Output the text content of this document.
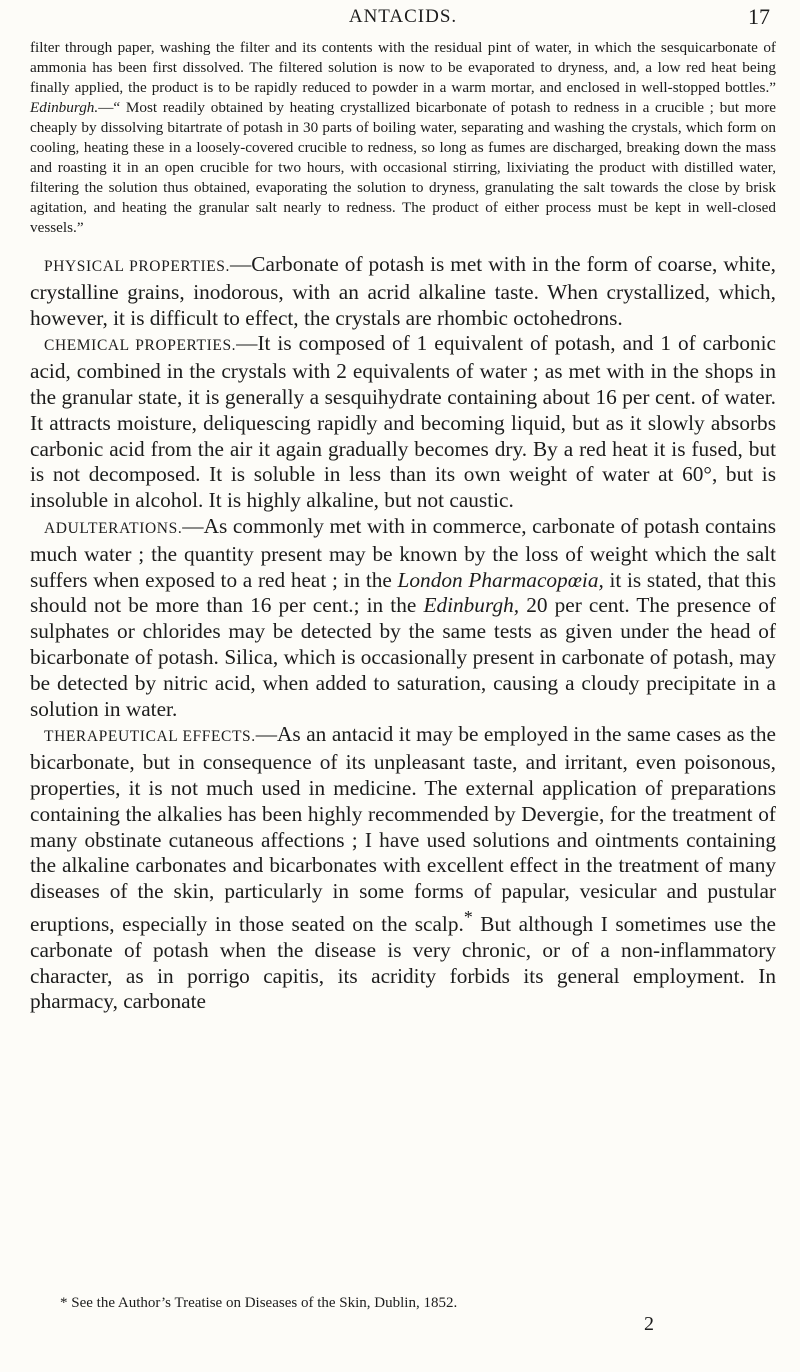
ANTACIDS.	17

filter through paper, washing the filter and its contents with the residual pint of water, in which the sesquicarbonate of ammonia has been first dissolved. The filtered solution is now to be evaporated to dryness, and, a low red heat being finally applied, the product is to be rapidly reduced to powder in a warm mortar, and enclosed in well-stopped bottles.” Edinburgh.—“ Most readily obtained by heating crystallized bicarbonate of potash to redness in a crucible ; but more cheaply by dissolving bitartrate of potash in 30 parts of boiling water, separating and washing the crystals, which form on cooling, heating these in a loosely-covered crucible to redness, so long as fumes are discharged, breaking down the mass and roasting it in an open crucible for two hours, with occasional stirring, lixiviating the product with distilled water, filtering the solution thus obtained, evaporating the solution to dryness, granulating the salt towards the close by brisk agitation, and heating the granular salt nearly to redness. The product of either process must be kept in well-closed vessels.”

PHYSICAL PROPERTIES.—Carbonate of potash is met with in the form of coarse, white, crystalline grains, inodorous, with an acrid alkaline taste. When crystallized, which, however, it is difficult to effect, the crystals are rhombic octohedrons.

CHEMICAL PROPERTIES.—It is composed of 1 equivalent of potash, and 1 of carbonic acid, combined in the crystals with 2 equivalents of water ; as met with in the shops in the granular state, it is generally a sesquihydrate containing about 16 per cent. of water. It attracts moisture, deliquescing rapidly and becoming liquid, but as it slowly absorbs carbonic acid from the air it again gradually becomes dry. By a red heat it is fused, but is not decomposed. It is soluble in less than its own weight of water at 60°, but is insoluble in alcohol. It is highly alkaline, but not caustic.

ADULTERATIONS.—As commonly met with in commerce, carbonate of potash contains much water ; the quantity present may be known by the loss of weight which the salt suffers when exposed to a red heat ; in the London Pharmacopœia, it is stated, that this should not be more than 16 per cent.; in the Edinburgh, 20 per cent. The presence of sulphates or chlorides may be detected by the same tests as given under the head of bicarbonate of potash. Silica, which is occasionally present in carbonate of potash, may be detected by nitric acid, when added to saturation, causing a cloudy precipitate in a solution in water.

THERAPEUTICAL EFFECTS.—As an antacid it may be employed in the same cases as the bicarbonate, but in consequence of its unpleasant taste, and irritant, even poisonous, properties, it is not much used in medicine. The external application of preparations containing the alkalies has been highly recommended by Devergie, for the treatment of many obstinate cutaneous affections ; I have used solutions and ointments containing the alkaline carbonates and bicarbonates with excellent effect in the treatment of many diseases of the skin, particularly in some forms of papular, vesicular and pustular eruptions, especially in those seated on the scalp.* But although I sometimes use the carbonate of potash when the disease is very chronic, or of a non-inflammatory character, as in porrigo capitis, its acridity forbids its general employment. In pharmacy, carbonate

* See the Author’s Treatise on Diseases of the Skin, Dublin, 1852.
2
